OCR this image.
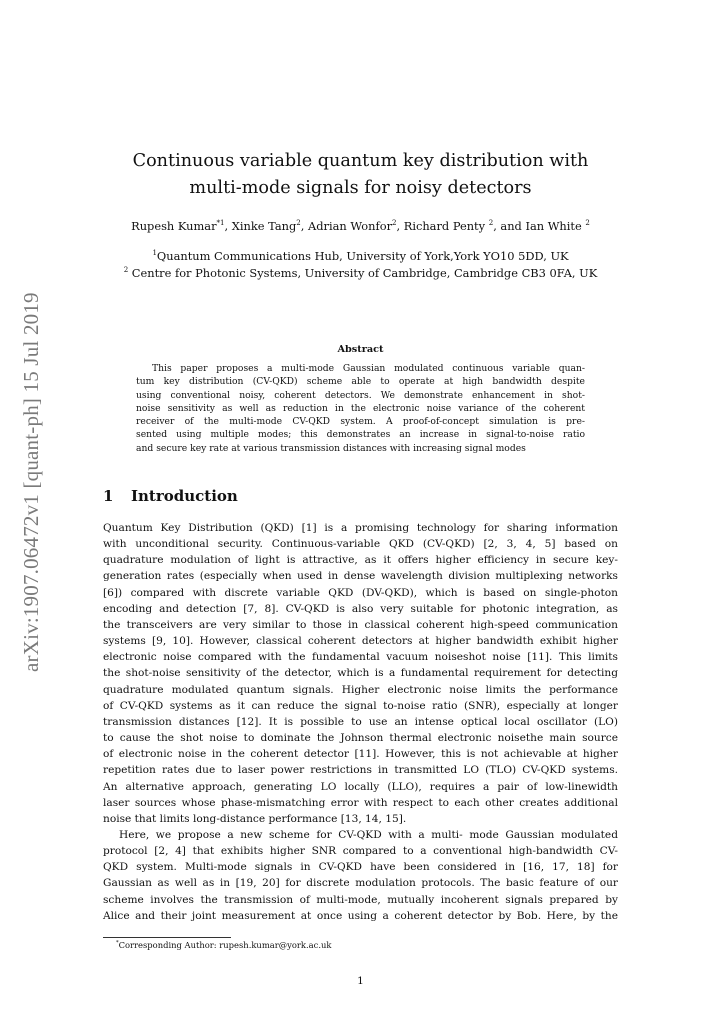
arXiv:1907.06472v1 [quant-ph] 15 Jul 2019
Continuous variable quantum key distribution with
multi-mode signals for noisy detectors
Rupesh Kumar$^{*1}$, Xinke Tang$^2$, Adrian Wonfor$^2$, Richard Penty $^2$, and Ian White $^2$
$^1$Quantum Communications Hub, University of York,York YO10 5DD, UK
$^2$ Centre for Photonic Systems, University of Cambridge, Cambridge CB3 0FA, UK
Abstract
This paper proposes a multi-mode Gaussian modulated continuous variable quan-
tum key distribution (CV-QKD) scheme able to operate at high bandwidth despite
using conventional noisy, coherent detectors. We demonstrate enhancement in shot-
noise sensitivity as well as reduction in the electronic noise variance of the coherent
receiver of the multi-mode CV-QKD system. A proof-of-concept simulation is pre-
sented using multiple modes; this demonstrates an increase in signal-to-noise ratio
and secure key rate at various transmission distances with increasing signal modes
1 Introduction
Quantum Key Distribution (QKD) [1] is a promising technology for sharing information
with unconditional security. Continuous-variable QKD (CV-QKD) [2, 3, 4, 5] based on
quadrature modulation of light is attractive, as it offers higher efficiency in secure key-
generation rates (especially when used in dense wavelength division multiplexing networks
[6]) compared with discrete variable QKD (DV-QKD), which is based on single-photon
encoding and detection [7, 8]. CV-QKD is also very suitable for photonic integration, as
the transceivers are very similar to those in classical coherent high-speed communication
systems [9, 10]. However, classical coherent detectors at higher bandwidth exhibit higher
electronic noise compared with the fundamental vacuum noiseshot noise [11]. This limits
the shot-noise sensitivity of the detector, which is a fundamental requirement for detecting
quadrature modulated quantum signals. Higher electronic noise limits the performance
of CV-QKD systems as it can reduce the signal to-noise ratio (SNR), especially at longer
transmission distances [12]. It is possible to use an intense optical local oscillator (LO)
to cause the shot noise to dominate the Johnson thermal electronic noisethe main source
of electronic noise in the coherent detector [11]. However, this is not achievable at higher
repetition rates due to laser power restrictions in transmitted LO (TLO) CV-QKD systems.
An alternative approach, generating LO locally (LLO), requires a pair of low-linewidth
laser sources whose phase-mismatching error with respect to each other creates additional
noise that limits long-distance performance [13, 14, 15].
Here, we propose a new scheme for CV-QKD with a multi- mode Gaussian modulated
protocol [2, 4] that exhibits higher SNR compared to a conventional high-bandwidth CV-
QKD system. Multi-mode signals in CV-QKD have been considered in [16, 17, 18] for
Gaussian as well as in [19, 20] for discrete modulation protocols. The basic feature of our
scheme involves the transmission of multi-mode, mutually incoherent signals prepared by
Alice and their joint measurement at once using a coherent detector by Bob. Here, by the
*Corresponding Author: rupesh.kumar@york.ac.uk
1
